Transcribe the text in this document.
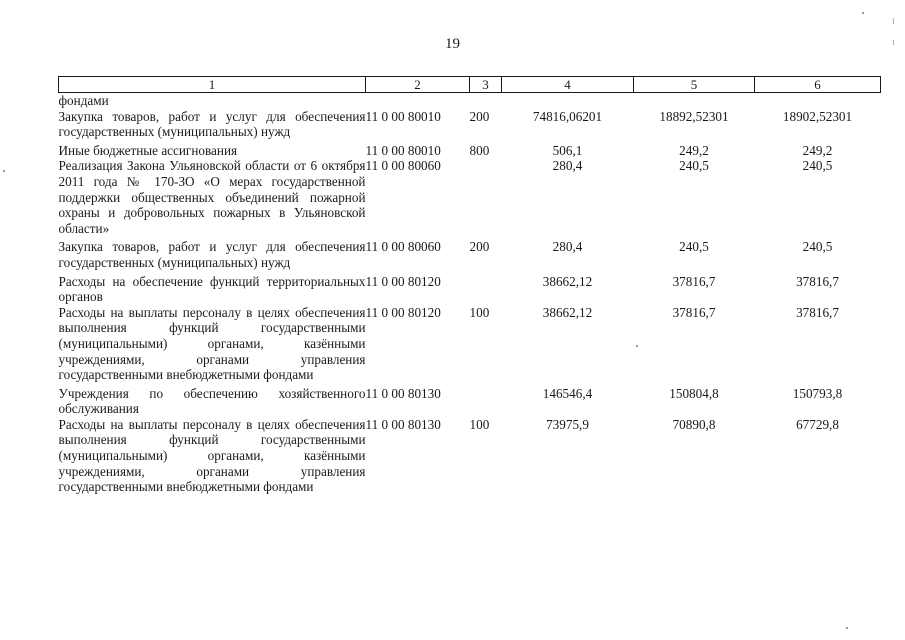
19
1	2	3	4	5	6
фондами					
Закупка товаров, работ и услуг для обеспечения государственных (муниципальных) нужд	11 0 00 80010	200	74816,06201	18892,52301	18902,52301
Иные бюджетные ассигнования	11 0 00 80010	800	506,1	249,2	249,2
Реализация Закона Ульяновской области от 6 октября 2011 года № 170-ЗО «О мерах государственной поддержки общественных объединений пожарной охраны и добровольных пожарных в Ульяновской области»	11 0 00 80060		280,4	240,5	240,5
Закупка товаров, работ и услуг для обеспечения государственных (муниципальных) нужд	11 0 00 80060	200	280,4	240,5	240,5
Расходы на обеспечение функций территориальных органов	11 0 00 80120		38662,12	37816,7	37816,7
Расходы на выплаты персоналу в целях обеспечения выполнения функций государственными (муниципальными) органами, казёнными учреждениями, органами управления государственными внебюджетными фондами	11 0 00 80120	100	38662,12	37816,7	37816,7
Учреждения по обеспечению хозяйственного обслуживания	11 0 00 80130		146546,4	150804,8	150793,8
Расходы на выплаты персоналу в целях обеспечения выполнения функций государственными (муниципальными) органами, казёнными учреждениями, органами управления государственными внебюджетными фондами	11 0 00 80130	100	73975,9	70890,8	67729,8
